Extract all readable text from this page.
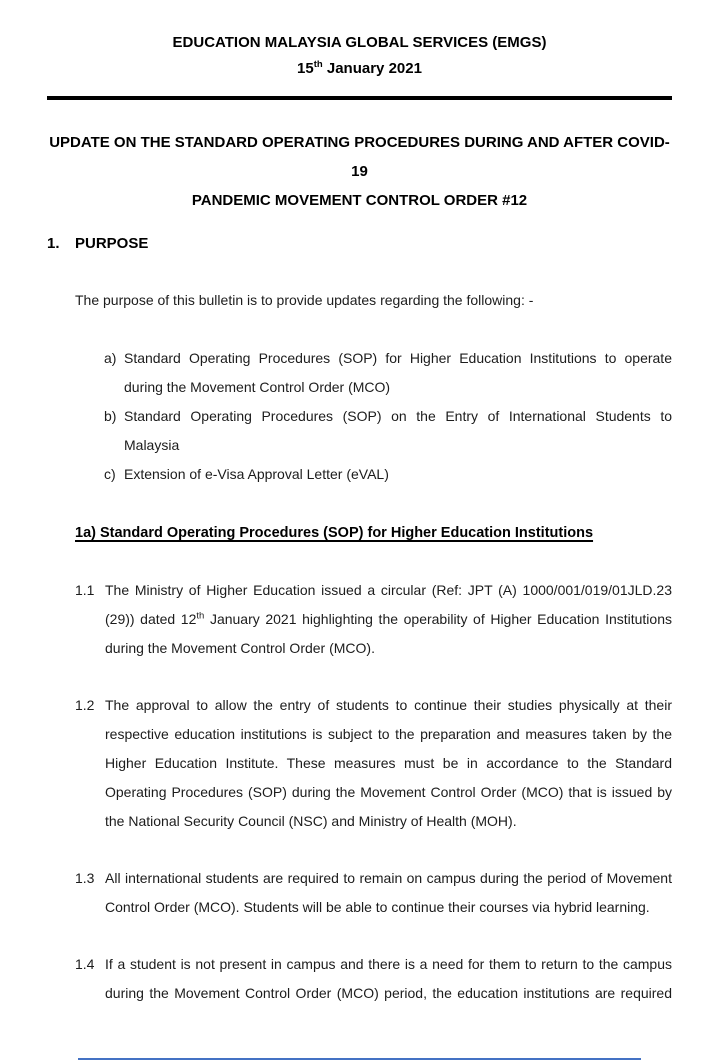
EDUCATION MALAYSIA GLOBAL SERVICES (EMGS)
15th January 2021
UPDATE ON THE STANDARD OPERATING PROCEDURES DURING AND AFTER COVID-19
PANDEMIC MOVEMENT CONTROL ORDER #12
1.	PURPOSE
The purpose of this bulletin is to provide updates regarding the following: -
a) Standard Operating Procedures (SOP) for Higher Education Institutions to operate during the Movement Control Order (MCO)
b) Standard Operating Procedures (SOP) on the Entry of International Students to Malaysia
c) Extension of e-Visa Approval Letter (eVAL)
1a) Standard Operating Procedures (SOP) for Higher Education Institutions
1.1 The Ministry of Higher Education issued a circular (Ref: JPT (A) 1000/001/019/01JLD.23 (29)) dated 12th January 2021 highlighting the operability of Higher Education Institutions during the Movement Control Order (MCO).
1.2 The approval to allow the entry of students to continue their studies physically at their respective education institutions is subject to the preparation and measures taken by the Higher Education Institute. These measures must be in accordance to the Standard Operating Procedures (SOP) during the Movement Control Order (MCO) that is issued by the National Security Council (NSC) and Ministry of Health (MOH).
1.3 All international students are required to remain on campus during the period of Movement Control Order (MCO). Students will be able to continue their courses via hybrid learning.
1.4 If a student is not present in campus and there is a need for them to return to the campus during the Movement Control Order (MCO) period, the education institutions are required
